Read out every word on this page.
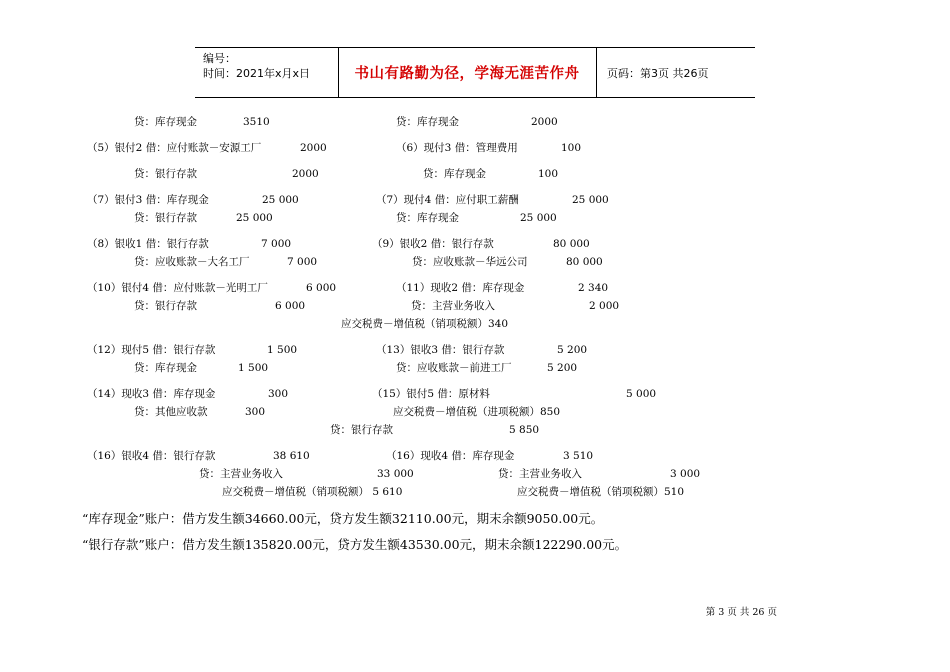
编号：
时间：2021年x月x日	书山有路勤为径，学海无涯苦作舟	页码：第3页 共26页
贷：库存现金	3510	贷：库存现金	2000
（5）银付2 借：应付账款－安源工厂	2000	（6）现付3 借：管理费用	100
贷：银行存款	2000	贷：库存现金	100
（7）银付3 借：库存现金	25 000	（7）现付4 借：应付职工薪酬	25 000
贷：银行存款	25 000	贷：库存现金	25 000
（8）银收1 借：银行存款	7 000	（9）银收2 借：银行存款	80 000
贷：应收账款－大名工厂	7 000	贷：应收账款－华远公司	80 000
（10）银付4 借：应付账款－光明工厂	6 000	（11）现收2 借：库存现金	2 340
贷：银行存款	6 000	贷：主营业务收入	2 000
应交税费－增值税（销项税额）340
（12）现付5 借：银行存款	1 500	（13）银收3 借：银行存款	5 200
贷：库存现金	1 500	贷：应收账款－前进工厂	5 200
（14）现收3 借：库存现金	300	（15）银付5 借：原材料	5 000
贷：其他应收款	300	应交税费－增值税（进项税额）850
贷：银行存款	5 850
（16）银收4 借：银行存款	38 610	（16）现收4 借：库存现金	3 510
贷：主营业务收入	33 000	贷：主营业务收入	3 000
应交税费－增值税（销项税额） 5 610	应交税费－增值税（销项税额）510
“库存现金”账户：借方发生额34660.00元，贷方发生额32110.00元，期末余额9050.00元。
“银行存款”账户：借方发生额135820.00元，贷方发生额43530.00元，期末余额122290.00元。
第 3 页 共 26 页
